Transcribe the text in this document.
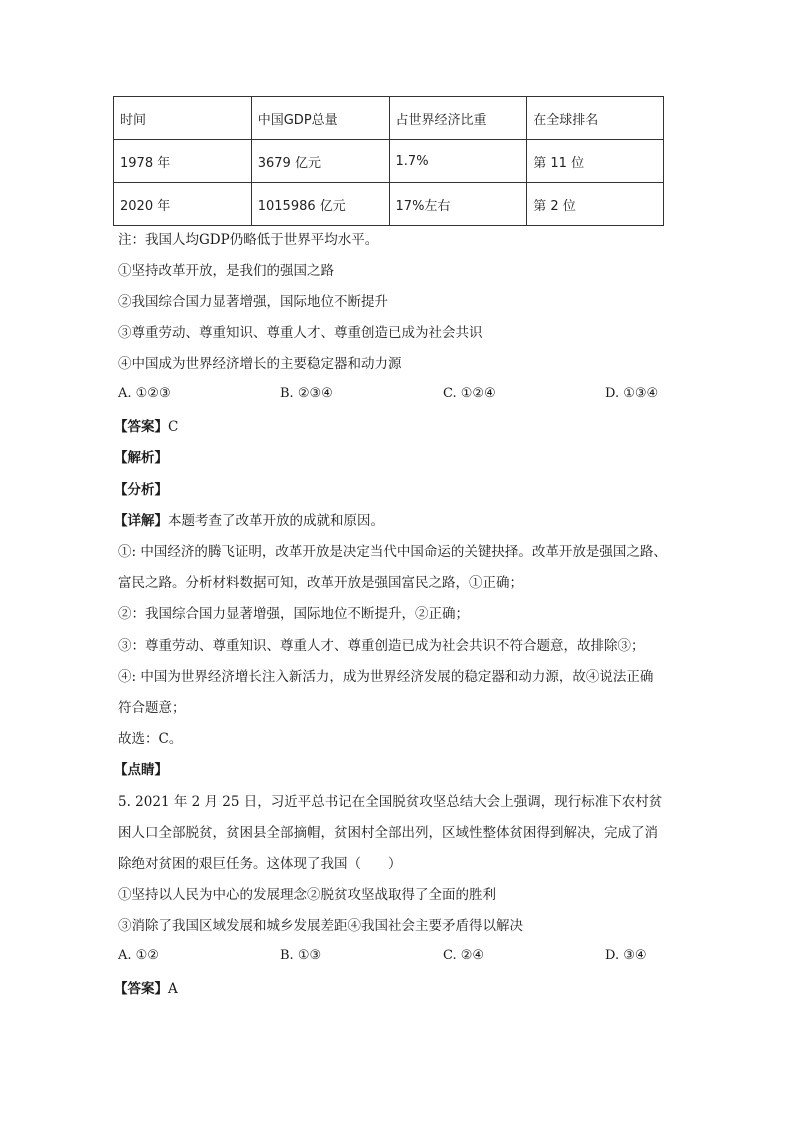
时间	中国GDP总量	占世界经济比重	在全球排名
1978 年	3679 亿元	1.7%	第 11 位
2020 年	1015986 亿元	17%左右	第 2 位
注：我国人均GDP仍略低于世界平均水平。
①坚持改革开放，是我们的强国之路
②我国综合国力显著增强，国际地位不断提升
③尊重劳动、尊重知识、尊重人才、尊重创造已成为社会共识
④中国成为世界经济增长的主要稳定器和动力源
A. ①②③	B. ②③④	C. ①②④	D. ①③④
【答案】C
【解析】
【分析】
【详解】本题考查了改革开放的成就和原因。
①: 中国经济的腾飞证明，改革开放是决定当代中国命运的关键抉择。改革开放是强国之路、
富民之路。分析材料数据可知，改革开放是强国富民之路，①正确；
②：我国综合国力显著增强，国际地位不断提升，②正确；
③：尊重劳动、尊重知识、尊重人才、尊重创造已成为社会共识不符合题意，故排除③；
④: 中国为世界经济增长注入新活力，成为世界经济发展的稳定器和动力源，故④说法正确
符合题意；
故选：C。
【点睛】
5. 2021 年 2 月 25 日，习近平总书记在全国脱贫攻坚总结大会上强调，现行标准下农村贫
困人口全部脱贫，贫困县全部摘帽，贫困村全部出列，区域性整体贫困得到解决，完成了消
除绝对贫困的艰巨任务。这体现了我国（　　）
①坚持以人民为中心的发展理念②脱贫攻坚战取得了全面的胜利
③消除了我国区域发展和城乡发展差距④我国社会主要矛盾得以解决
A. ①②	B. ①③	C. ②④	D. ③④
【答案】A
